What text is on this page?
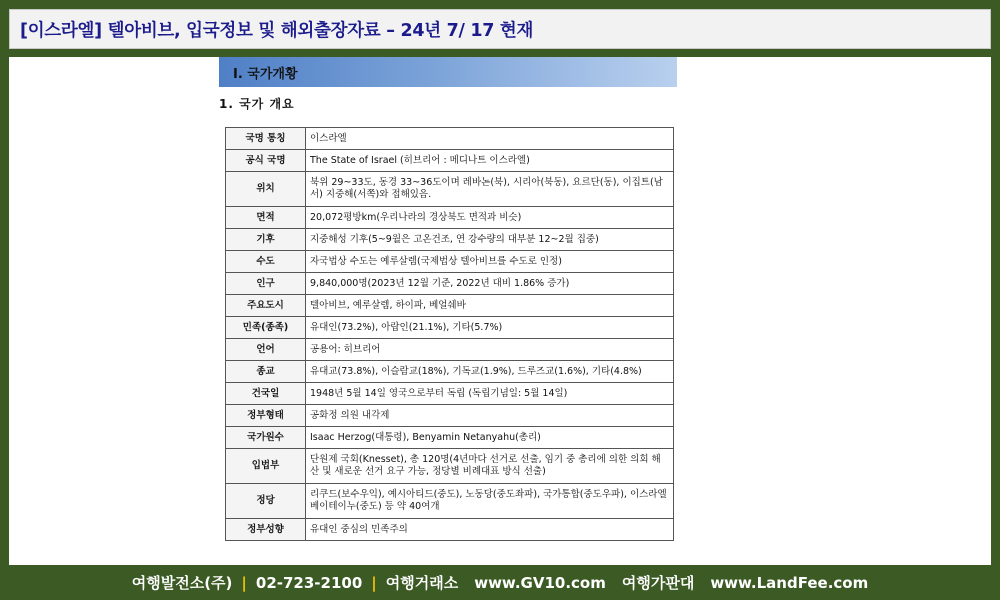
[이스라엘] 텔아비브, 입국정보 및 해외출장자료 – 24년 7/ 17 현재
Ⅰ. 국가개황
1. 국가 개요
국명 통칭	이스라엘
공식 국명	The State of Israel (히브리어 : 메디나트 이스라엘)
위치	북위 29~33도, 동경 33~36도이며 레바논(북), 시리아(북동), 요르단(동), 이집트(남서) 지중해(서쪽)와 접해있음.
면적	20,072평방km(우리나라의 경상북도 면적과 비슷)
기후	지중해성 기후(5~9월은 고온건조, 연 강수량의 대부분 12~2월 집중)
수도	자국법상 수도는 예루살렘(국제법상 텔아비브를 수도로 인정)
인구	9,840,000명(2023년 12월 기준, 2022년 대비 1.86% 증가)
주요도시	텔아비브, 예루살렘, 하이파, 베얼쉐바
민족(종족)	유대인(73.2%), 아랍인(21.1%), 기타(5.7%)
언어	공용어: 히브리어
종교	유대교(73.8%), 이슬람교(18%), 기독교(1.9%), 드루즈교(1.6%), 기타(4.8%)
건국일	1948년 5월 14일 영국으로부터 독립 (독립기념일: 5월 14일)
정부형태	공화정 의원 내각제
국가원수	Isaac Herzog(대통령), Benyamin Netanyahu(총리)
입법부	단원제 국회(Knesset), 총 120명(4년마다 선거로 선출, 임기 중 총리에 의한 의회 해산 및 새로운 선거 요구 가능, 정당별 비례대표 방식 선출)
정당	리쿠드(보수우익), 예시아티드(중도), 노동당(중도좌파), 국가통합(중도우파), 이스라엘베이테이누(중도) 등 약 40여개
정부성향	유대인 중심의 민족주의
여행발전소(주) | 02-723-2100 | 여행거래소 www.GV10.com 여행가판대 www.LandFee.com
